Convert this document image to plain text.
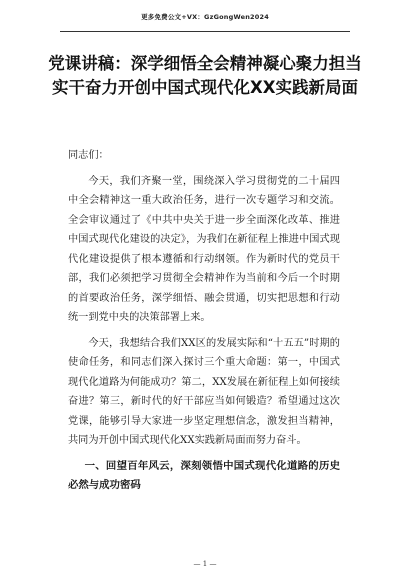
更多免费公文+VX：GzGongWen2024
党课讲稿：深学细悟全会精神凝心聚力担当实干奋力开创中国式现代化XX实践新局面

同志们：

今天，我们齐聚一堂，围绕深入学习贯彻党的二十届四中全会精神这一重大政治任务，进行一次专题学习和交流。全会审议通过了《中共中央关于进一步全面深化改革、推进中国式现代化建设的决定》，为我们在新征程上推进中国式现代化建设提供了根本遵循和行动纲领。作为新时代的党员干部，我们必须把学习贯彻全会精神作为当前和今后一个时期的首要政治任务，深学细悟、融会贯通，切实把思想和行动统一到党中央的决策部署上来。

今天，我想结合我们XX区的发展实际和“十五五”时期的使命任务，和同志们深入探讨三个重大命题：第一，中国式现代化道路为何能成功？第二，XX发展在新征程上如何接续奋进？第三，新时代的好干部应当如何锻造？希望通过这次党课，能够引导大家进一步坚定理想信念，激发担当精神，共同为开创中国式现代化XX实践新局面而努力奋斗。

一、回望百年风云，深刻领悟中国式现代化道路的历史必然与成功密码

— 1 —
